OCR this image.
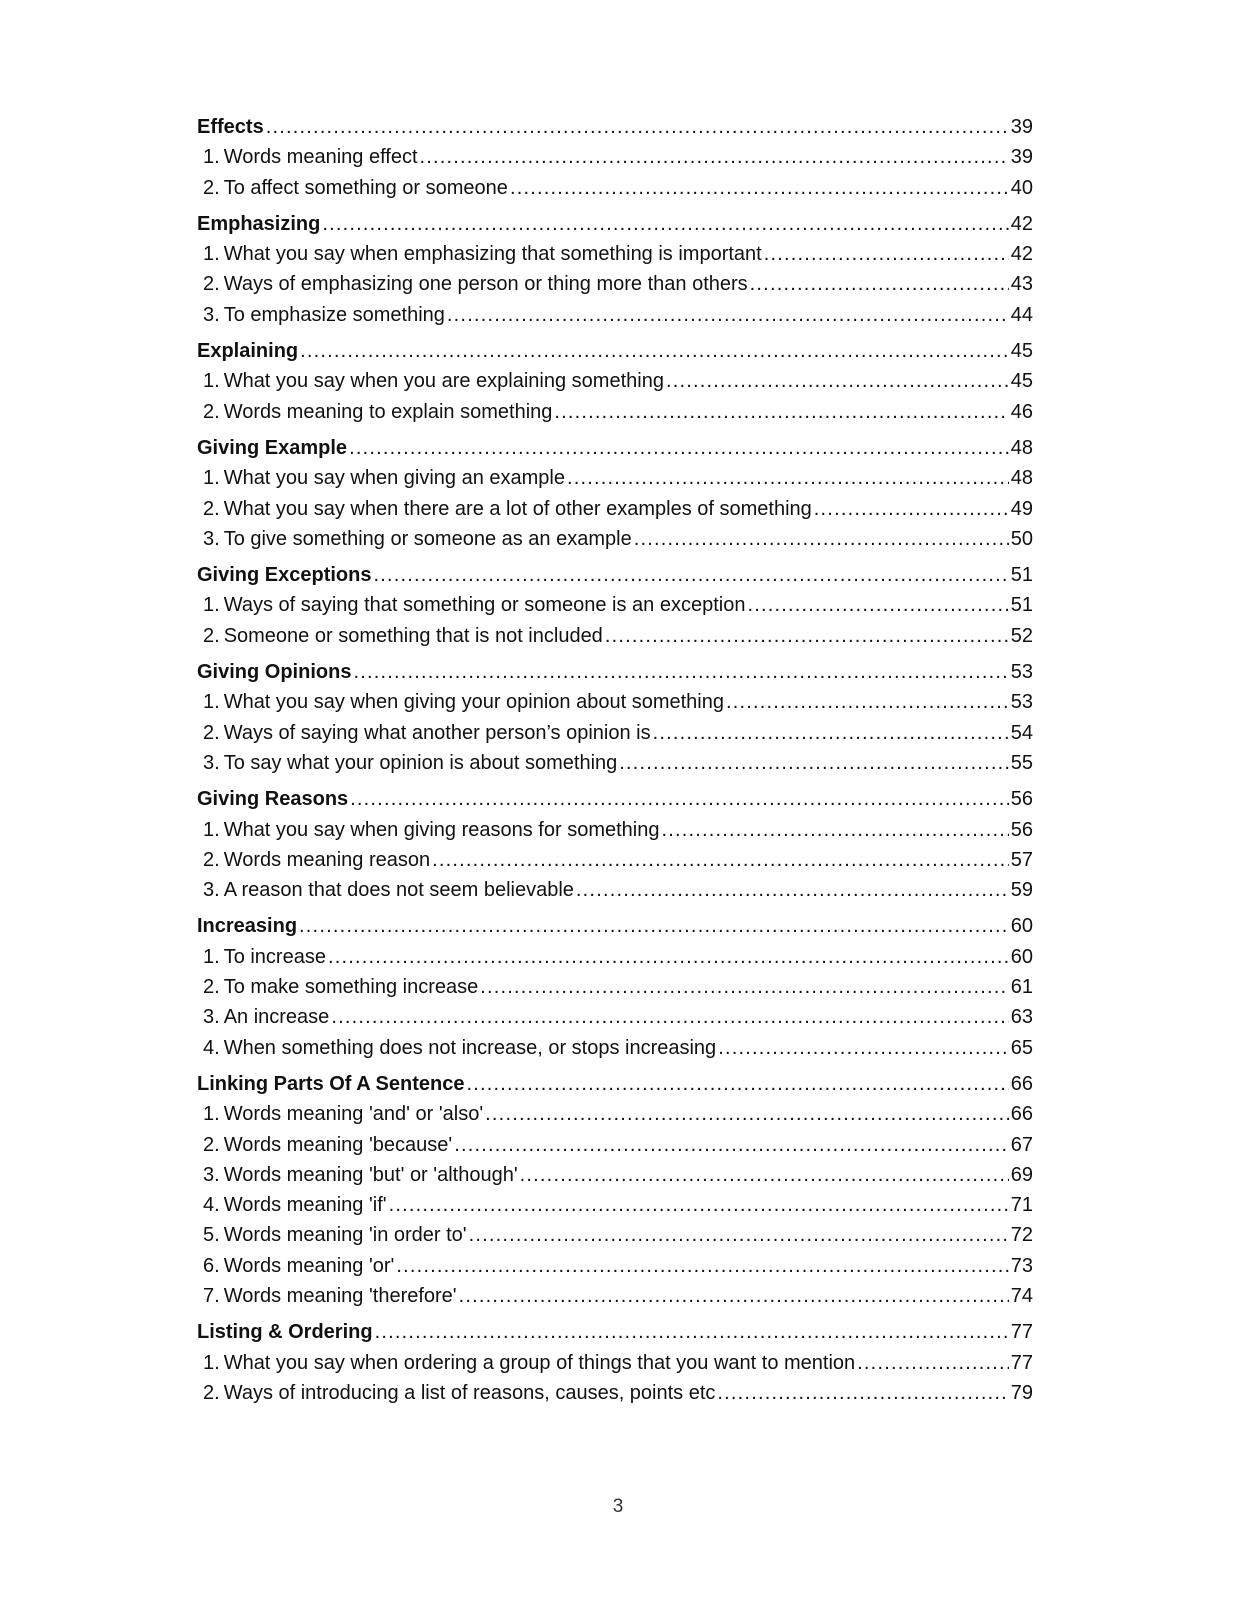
Effects .....	39
1. Words meaning effect .....	39
2. To affect something or someone .....	40
Emphasizing .....	42
1. What you say when emphasizing that something is important .....	42
2. Ways of emphasizing one person or thing more than others .....	43
3. To emphasize something .....	44
Explaining .....	45
1. What you say when you are explaining something .....	45
2. Words meaning to explain something .....	46
Giving Example .....	48
1. What you say when giving an example .....	48
2. What you say when there are a lot of other examples of something .....	49
3. To give something or someone as an example .....	50
Giving Exceptions .....	51
1. Ways of saying that something or someone is an exception .....	51
2. Someone or something that is not included .....	52
Giving Opinions .....	53
1. What you say when giving your opinion about something .....	53
2. Ways of saying what another person’s opinion is .....	54
3. To say what your opinion is about something .....	55
Giving Reasons .....	56
1. What you say when giving reasons for something .....	56
2. Words meaning reason .....	57
3. A reason that does not seem believable .....	59
Increasing .....	60
1. To increase .....	60
2. To make something increase .....	61
3. An increase .....	63
4. When something does not increase, or stops increasing .....	65
Linking Parts Of A Sentence .....	66
1. Words meaning 'and' or 'also' .....	66
2. Words meaning 'because' .....	67
3. Words meaning 'but' or 'although' .....	69
4. Words meaning 'if' .....	71
5. Words meaning 'in order to' .....	72
6. Words meaning 'or' .....	73
7. Words meaning 'therefore' .....	74
Listing & Ordering .....	77
1. What you say when ordering a group of things that you want to mention .....	77
2. Ways of introducing a list of reasons, causes, points etc .....	79
3
